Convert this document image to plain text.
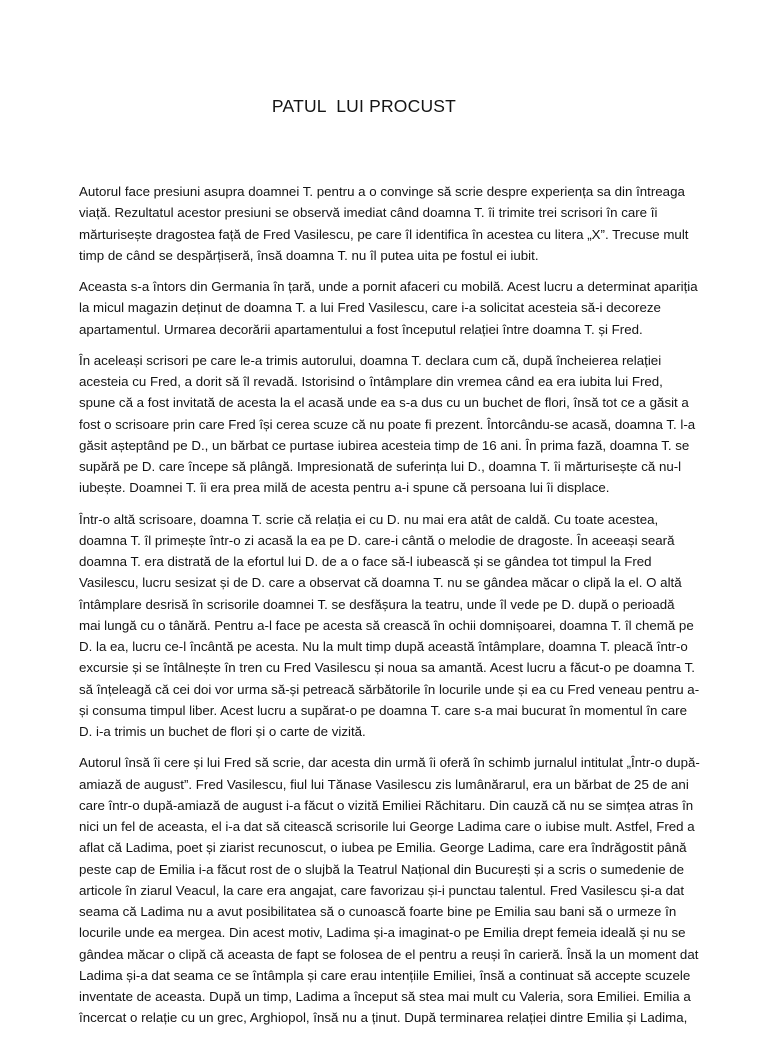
PATUL  LUI PROCUST

Autorul face presiuni asupra doamnei T. pentru a o convinge să scrie despre experiența sa din întreaga
viață. Rezultatul acestor presiuni se observă imediat când doamna T. îi trimite trei scrisori în care îi
mărturisește dragostea față de Fred Vasilescu, pe care îl identifica în acestea cu litera „X”. Trecuse mult
timp de când se despărțiseră, însă doamna T. nu îl putea uita pe fostul ei iubit.

Aceasta s-a întors din Germania în țară, unde a pornit afaceri cu mobilă. Acest lucru a determinat apariția
la micul magazin deținut de doamna T. a lui Fred Vasilescu, care i-a solicitat acesteia să-i decoreze
apartamentul. Urmarea decorării apartamentului a fost începutul relației între doamna T. și Fred.

În aceleași scrisori pe care le-a trimis autorului, doamna T. declara cum că, după încheierea relației
acesteia cu Fred, a dorit să îl revadă. Istorisind o întâmplare din vremea când ea era iubita lui Fred,
spune că a fost invitată de acesta la el acasă unde ea s-a dus cu un buchet de flori, însă tot ce a găsit a
fost o scrisoare prin care Fred își cerea scuze că nu poate fi prezent. Întorcându-se acasă, doamna T. l-a
găsit așteptând pe D., un bărbat ce purtase iubirea acesteia timp de 16 ani. În prima fază, doamna T. se
supără pe D. care începe să plângă. Impresionată de suferința lui D., doamna T. îi mărturisește că nu-l
iubește. Doamnei T. îi era prea milă de acesta pentru a-i spune că persoana lui îi displace.

Într-o altă scrisoare, doamna T. scrie că relația ei cu D. nu mai era atât de caldă. Cu toate acestea,
doamna T. îl primește într-o zi acasă la ea pe D. care-i cântă o melodie de dragoste. În aceeași seară
doamna T. era distrată de la efortul lui D. de a o face să-l iubească și se gândea tot timpul la Fred
Vasilescu, lucru sesizat și de D. care a observat că doamna T. nu se gândea măcar o clipă la el. O altă
întâmplare desrisă în scrisorile doamnei T. se desfășura la teatru, unde îl vede pe D. după o perioadă
mai lungă cu o tânără. Pentru a-l face pe acesta să crească în ochii domnișoarei, doamna T. îl chemă pe
D. la ea, lucru ce-l încântă pe acesta. Nu la mult timp după această întâmplare, doamna T. pleacă într-o
excursie și se întâlnește în tren cu Fred Vasilescu și noua sa amantă. Acest lucru a făcut-o pe doamna T.
să înțeleagă că cei doi vor urma să-și petreacă sărbătorile în locurile unde și ea cu Fred veneau pentru a-
și consuma timpul liber. Acest lucru a supărat-o pe doamna T. care s-a mai bucurat în momentul în care
D. i-a trimis un buchet de flori și o carte de vizită.

Autorul însă îi cere și lui Fred să scrie, dar acesta din urmă îi oferă în schimb jurnalul intitulat „Într-o după-
amiază de august”. Fred Vasilescu, fiul lui Tănase Vasilescu zis lumânărarul, era un bărbat de 25 de ani
care într-o după-amiază de august i-a făcut o vizită Emiliei Răchitaru. Din cauză că nu se simțea atras în
nici un fel de aceasta, el i-a dat să citească scrisorile lui George Ladima care o iubise mult. Astfel, Fred a
aflat că Ladima, poet și ziarist recunoscut, o iubea pe Emilia. George Ladima, care era îndrăgostit până
peste cap de Emilia i-a făcut rost de o slujbă la Teatrul Național din București și a scris o sumedenie de
articole în ziarul Veacul, la care era angajat, care favorizau și-i punctau talentul. Fred Vasilescu și-a dat
seama că Ladima nu a avut posibilitatea să o cunoască foarte bine pe Emilia sau bani să o urmeze în
locurile unde ea mergea. Din acest motiv, Ladima și-a imaginat-o pe Emilia drept femeia ideală și nu se
gândea măcar o clipă că aceasta de fapt se folosea de el pentru a reuși în carieră. Însă la un moment dat
Ladima și-a dat seama ce se întâmpla și care erau intențiile Emiliei, însă a continuat să accepte scuzele
inventate de aceasta. După un timp, Ladima a început să stea mai mult cu Valeria, sora Emiliei. Emilia a
încercat o relație cu un grec, Arghiopol, însă nu a ținut. După terminarea relației dintre Emilia și Ladima,
